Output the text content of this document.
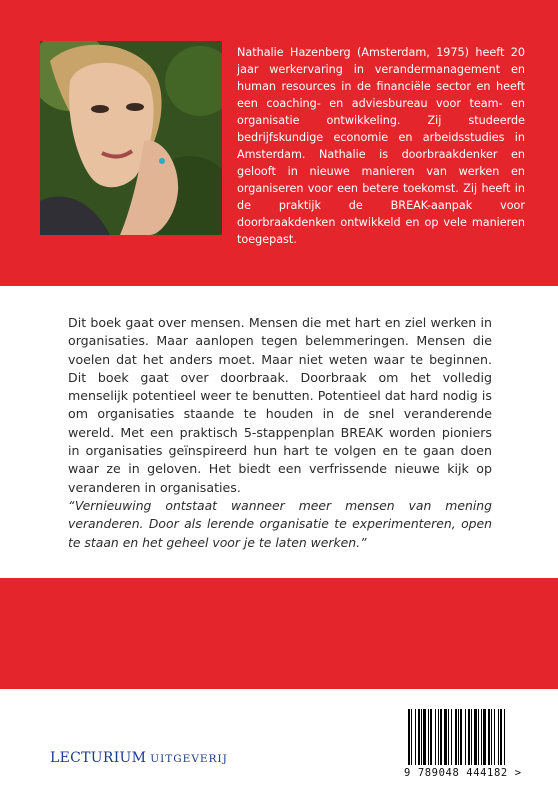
Nathalie Hazenberg (Amsterdam, 1975) heeft 20 jaar werkervaring in verandermanagement en human resources in de financiële sector en heeft een coaching- en adviesbureau voor team- en organisatie ontwikkeling. Zij studeerde bedrijfskundige economie en arbeidsstudies in Amsterdam. Nathalie is doorbraakdenker en gelooft in nieuwe manieren van werken en organiseren voor een betere toekomst. Zij heeft in de praktijk de BREAK-aanpak voor doorbraakdenken ontwikkeld en op vele manieren toegepast.

Dit boek gaat over mensen. Mensen die met hart en ziel werken in organisaties. Maar aanlopen tegen belemmeringen. Mensen die voelen dat het anders moet. Maar niet weten waar te beginnen. Dit boek gaat over doorbraak. Doorbraak om het volledig menselijk potentieel weer te benutten. Potentieel dat hard nodig is om organisaties staande te houden in de snel veranderende wereld. Met een praktisch 5-stappenplan BREAK worden pioniers in organisaties geïnspireerd hun hart te volgen en te gaan doen waar ze in geloven. Het biedt een verfrissende nieuwe kijk op veranderen in organisaties.

“Vernieuwing ontstaat wanneer meer mensen van mening veranderen. Door als lerende organisatie te experimenteren, open te staan en het geheel voor je te laten werken.”

LECTURIUM UITGEVERIJ
9 789048 444182 >
